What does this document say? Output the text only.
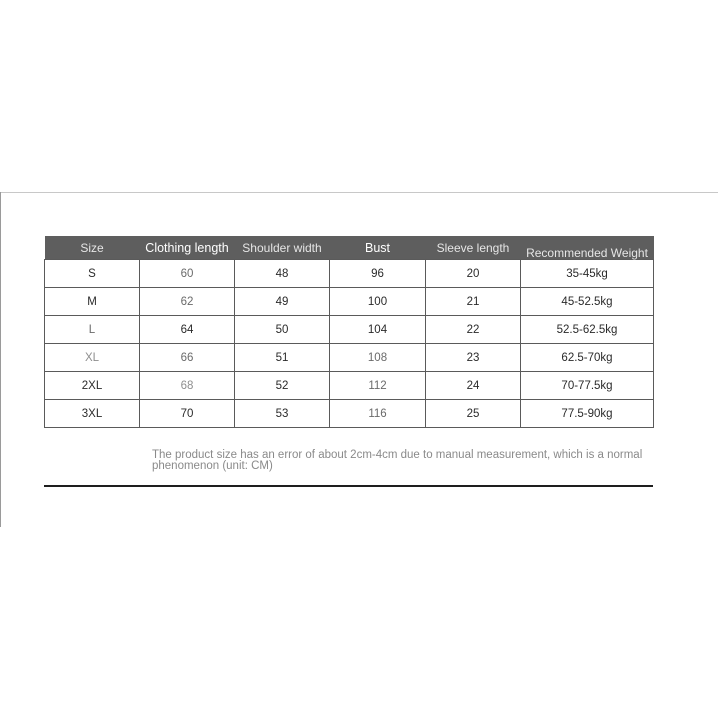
Size	Clothing length	Shoulder width	Bust	Sleeve length	Recommended Weight
S	60	48	96	20	35-45kg
M	62	49	100	21	45-52.5kg
L	64	50	104	22	52.5-62.5kg
XL	66	51	108	23	62.5-70kg
2XL	68	52	112	24	70-77.5kg
3XL	70	53	116	25	77.5-90kg
The product size has an error of about 2cm-4cm due to manual measurement, which is a normal phenomenon (unit: CM)
